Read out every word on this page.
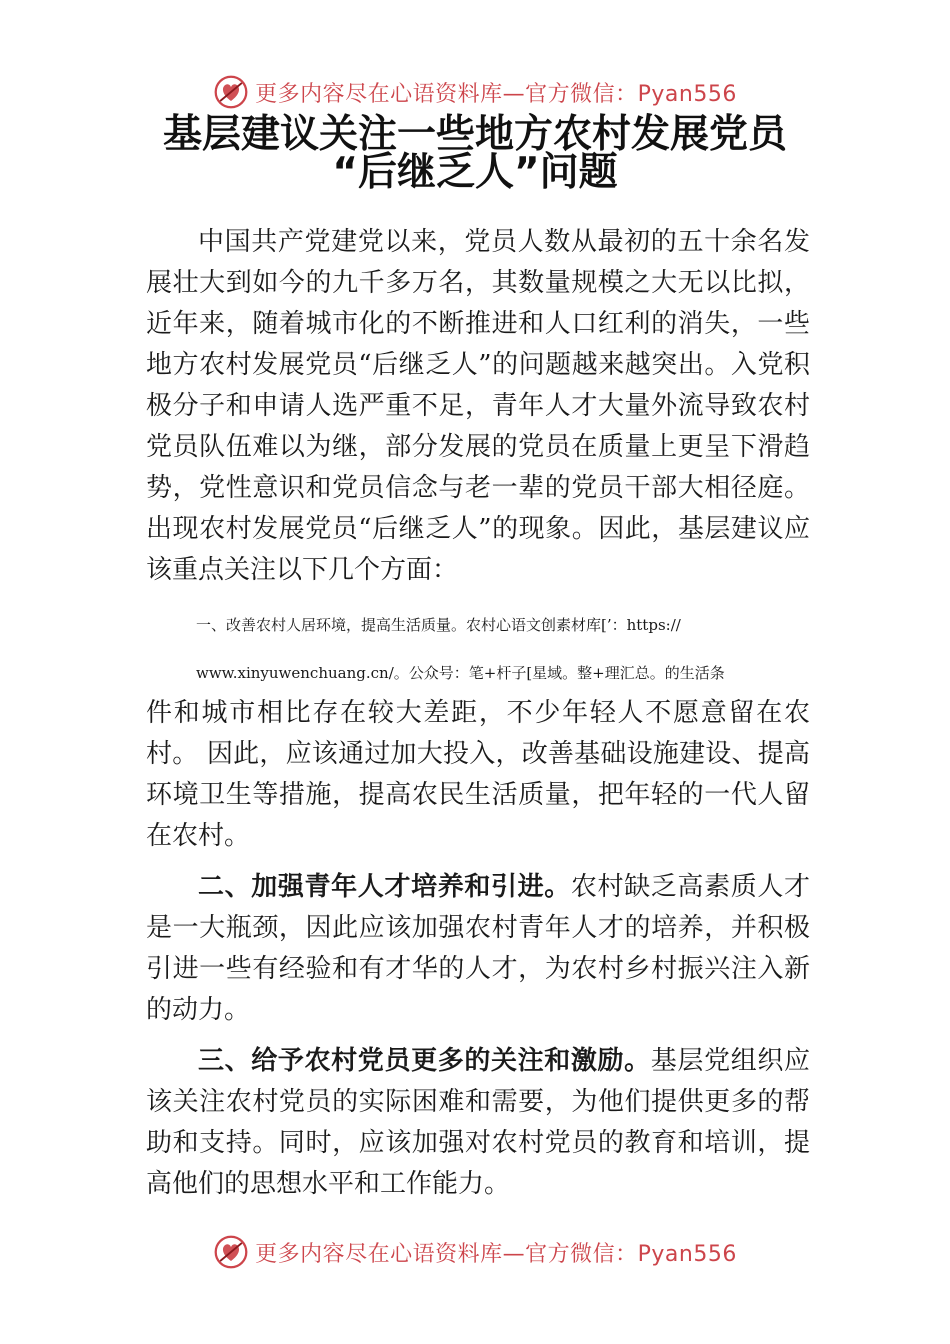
更多内容尽在心语资料库—官方微信：Pyan556
基层建议关注一些地方农村发展党员
“后继乏人”问题

中国共产党建党以来，党员人数从最初的五十余名发展壮大到如今的九千多万名，其数量规模之大无以比拟，近年来，随着城市化的不断推进和人口红利的消失，一些地方农村发展党员“后继乏人”的问题越来越突出。入党积极分子和申请人选严重不足，青年人才大量外流导致农村党员队伍难以为继，部分发展的党员在质量上更呈下滑趋势，党性意识和党员信念与老一辈的党员干部大相径庭。出现农村发展党员“后继乏人”的现象。因此，基层建议应该重点关注以下几个方面：

一、改善农村人居环境，提高生活质量。农村心语文创素材库[’：https://
www.xinyuwenchuang.cn/。公众号：笔+杆子[星域。整+理汇总。的生活条

件和城市相比存在较大差距，不少年轻人不愿意留在农村。 因此，应该通过加大投入，改善基础设施建设、提高环境卫生等措施，提高农民生活质量，把年轻的一代人留在农村。

二、加强青年人才培养和引进。农村缺乏高素质人才是一大瓶颈，因此应该加强农村青年人才的培养，并积极引进一些有经验和有才华的人才，为农村乡村振兴注入新的动力。

三、给予农村党员更多的关注和激励。基层党组织应该关注农村党员的实际困难和需要，为他们提供更多的帮助和支持。同时，应该加强对农村党员的教育和培训，提高他们的思想水平和工作能力。

更多内容尽在心语资料库—官方微信：Pyan556
